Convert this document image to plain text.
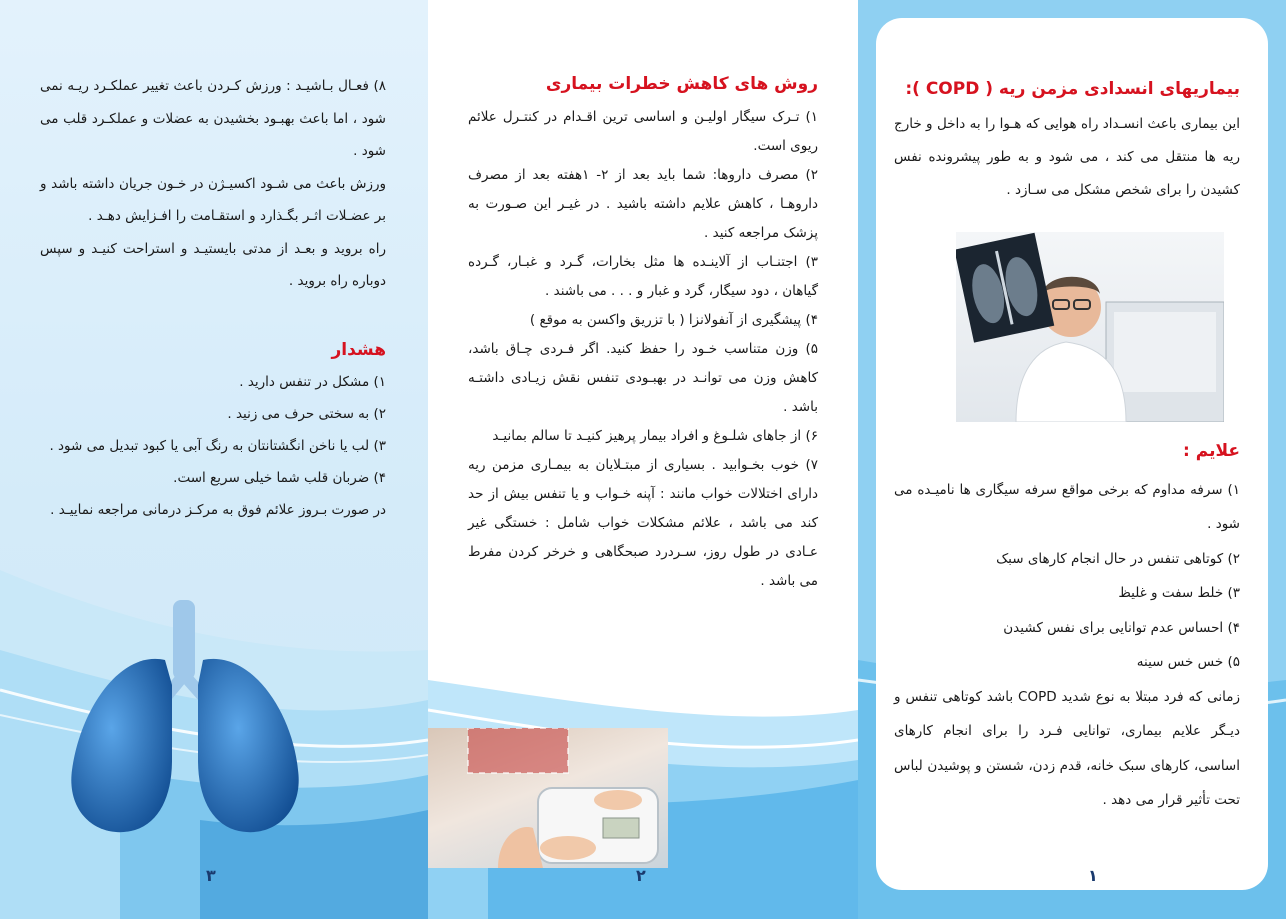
۸) فعـال بـاشیـد : ورزش کـردن باعث تغییر عملکـرد ریـه نمی شود ، اما باعث بهبـود بخشیدن به عضلات و عملکـرد قلب می شود .

ورزش باعث می شـود اکسیـژن در خـون جریان داشته باشد و بر عضـلات اثـر بگـذارد و استقـامت را افـزایش دهـد .

راه بروید و بعـد از مدتی بایستیـد و استراحت کنیـد و سپس دوباره راه بروید .

هشدار

۱) مشکل در تنفس دارید .

۲) به سختی حرف می زنید .

۳) لب یا ناخن انگشتانتان به رنگ آبی یا کبود تبدیل می شود .

۴) ضربان قلب شما خیلی سریع است.

در صورت بـروز علائم فوق به مرکـز درمانی مراجعه نماییـد .

۳

روش های کاهش خطرات بیماری

۱) تـرک سیگار اولیـن و اساسی ترین اقـدام در کنتـرل علائم ریوی است.

۲) مصرف داروها: شما باید بعد از ۲- ۱هفته بعد از مصرف داروهـا ، کاهش علایم داشته باشید . در غیـر این صـورت به پزشک مراجعه کنید .

۳) اجتنـاب از آلاینـده ها مثل بخارات، گـرد و غبـار، گـرده گیاهان ، دود سیگار، گرد و غبار و . . . می باشند .

۴) پیشگیری از آنفولانزا ( با تزریق واکسن به موقع )

۵) وزن متناسب خـود را حفظ کنید. اگر فـردی چـاق باشد، کاهش وزن می توانـد در بهبـودی تنفس نقش زیـادی داشتـه باشد .

۶) از جاهای شلـوغ و افراد بیمار پرهیز کنیـد تا سالم بمانیـد

۷) خوب بخـوابید . بسیاری از مبتـلایان به بیمـاری مزمن ریه دارای اختلالات خواب مانند : آپنه خـواب و یا تنفس بیش از حد کند می باشد ، علائم مشکلات خواب شامل : خستگی غیر عـادی در طول روز، سـردرد صبحگاهی و خرخر کردن مفرط می باشد .

۲

بیماریهای انسدادی مزمن ریه ( COPD ):

این بیماری باعث انسـداد راه هوایی که هـوا را به داخل و خارج ریه ها منتقل می کند ، می شود و به طور پیشرونده نفس کشیدن را برای شخص مشکل می سـازد .

علایم :

۱) سرفه مداوم که برخی مواقع سرفه سیگاری ها نامیـده می شود .

۲) کوتاهی تنفس در حال انجام کارهای سبک

۳) خلط سفت و غلیظ

۴) احساس عدم توانایی برای نفس کشیدن

۵) خس خس سینه

زمانی که فرد مبتلا به نوع شدید COPD باشد کوتاهی تنفس و دیـگر علایم بیماری، توانایی فـرد را برای انجام کارهای اساسی، کارهای سبک خانه، قدم زدن، شستن و پوشیدن لباس تحت تأثیر قرار می دهد .

۱
